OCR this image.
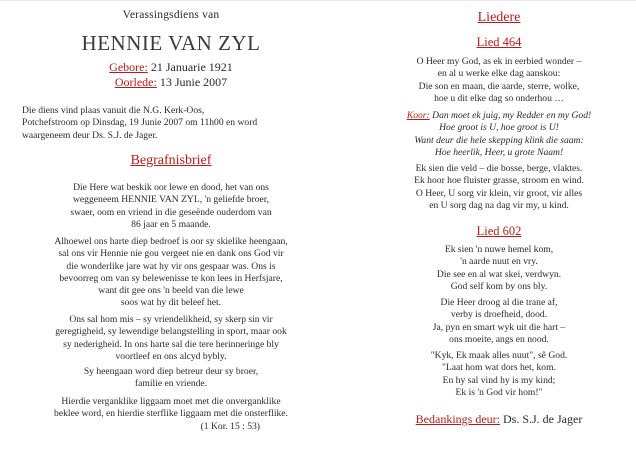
Verassingsdiens van
HENNIE VAN ZYL
Gebore: 21 Januarie 1921
Oorlede: 13 Junie 2007
Die diens vind plaas vanuit die N.G. Kerk-Oos,
Potchefstroom op Dinsdag, 19 Junie 2007 om 11h00 en word
waargeneem deur Ds. S.J. de Jager.
Begrafnisbrief
Die Here wat beskik oor lewe en dood, het van ons
weggeneem HENNIE VAN ZYL, 'n geliefde broer,
swaer, oom en vriend in die geseënde ouderdom van
86 jaar en 5 maande.
Alhoewel ons harte diep bedroef is oor sy skielike heengaan,
sal ons vir Hennie nie gou vergeet nie en dank ons God vir
die wonderlike jare wat hy vir ons gespaar was. Ons is
bevoorreg om van sy belewenisse te kon lees in Herfsjare,
want dit gee ons 'n beeld van die lewe
soos wat hy dit beleef het.
Ons sal hom mis – sy vriendelikheid, sy skerp sin vir
geregtigheid, sy lewendige belangstelling in sport, maar ook
sy nederigheid. In ons harte sal die tere herinneringe bly
voortleef en ons alcyd bybly.
Sy heengaan word diep betreur deur sy broer,
familie en vriende.
Hierdie verganklike liggaam moet met die onverganklike
beklee word, en hierdie sterflike liggaam met die onsterflike.
(1 Kor. 15 : 53)
Liedere
Lied 464
O Heer my God, as ek in eerbied wonder –
en al u werke elke dag aanskou:
Die son en maan, die aarde, sterre, wolke,
hoe u dit elke dag so onderhou …
Koor: Dan moet ek juig, my Redder en my God!
Hoe groot is U, hoe groot is U!
Want deur die hele skepping klink die saam:
Hoe heerlik, Heer, u grote Naam!
Ek sien die veld – die bosse, berge, vlaktes.
Ek hoor hoe fluister grasse, stroom en wind.
O Heer, U sorg vir klein, vir groot, vir alles
en U sorg dag na dag vir my, u kind.
Lied 602
Ek sien 'n nuwe hemel kom,
'n aarde nuut en vry.
Die see en al wat skei, verdwyn.
God self kom by ons bly.
Die Heer droog al die trane af,
verby is droefheid, dood.
Ja, pyn en smart wyk uit die hart –
ons moeite, angs en nood.
"Kyk, Ek maak alles nuut", sê God.
"Laat hom wat dors het, kom.
En hy sal vind hy is my kind;
Ek is 'n God vir hom!"
Bedankings deur: Ds. S.J. de Jager
